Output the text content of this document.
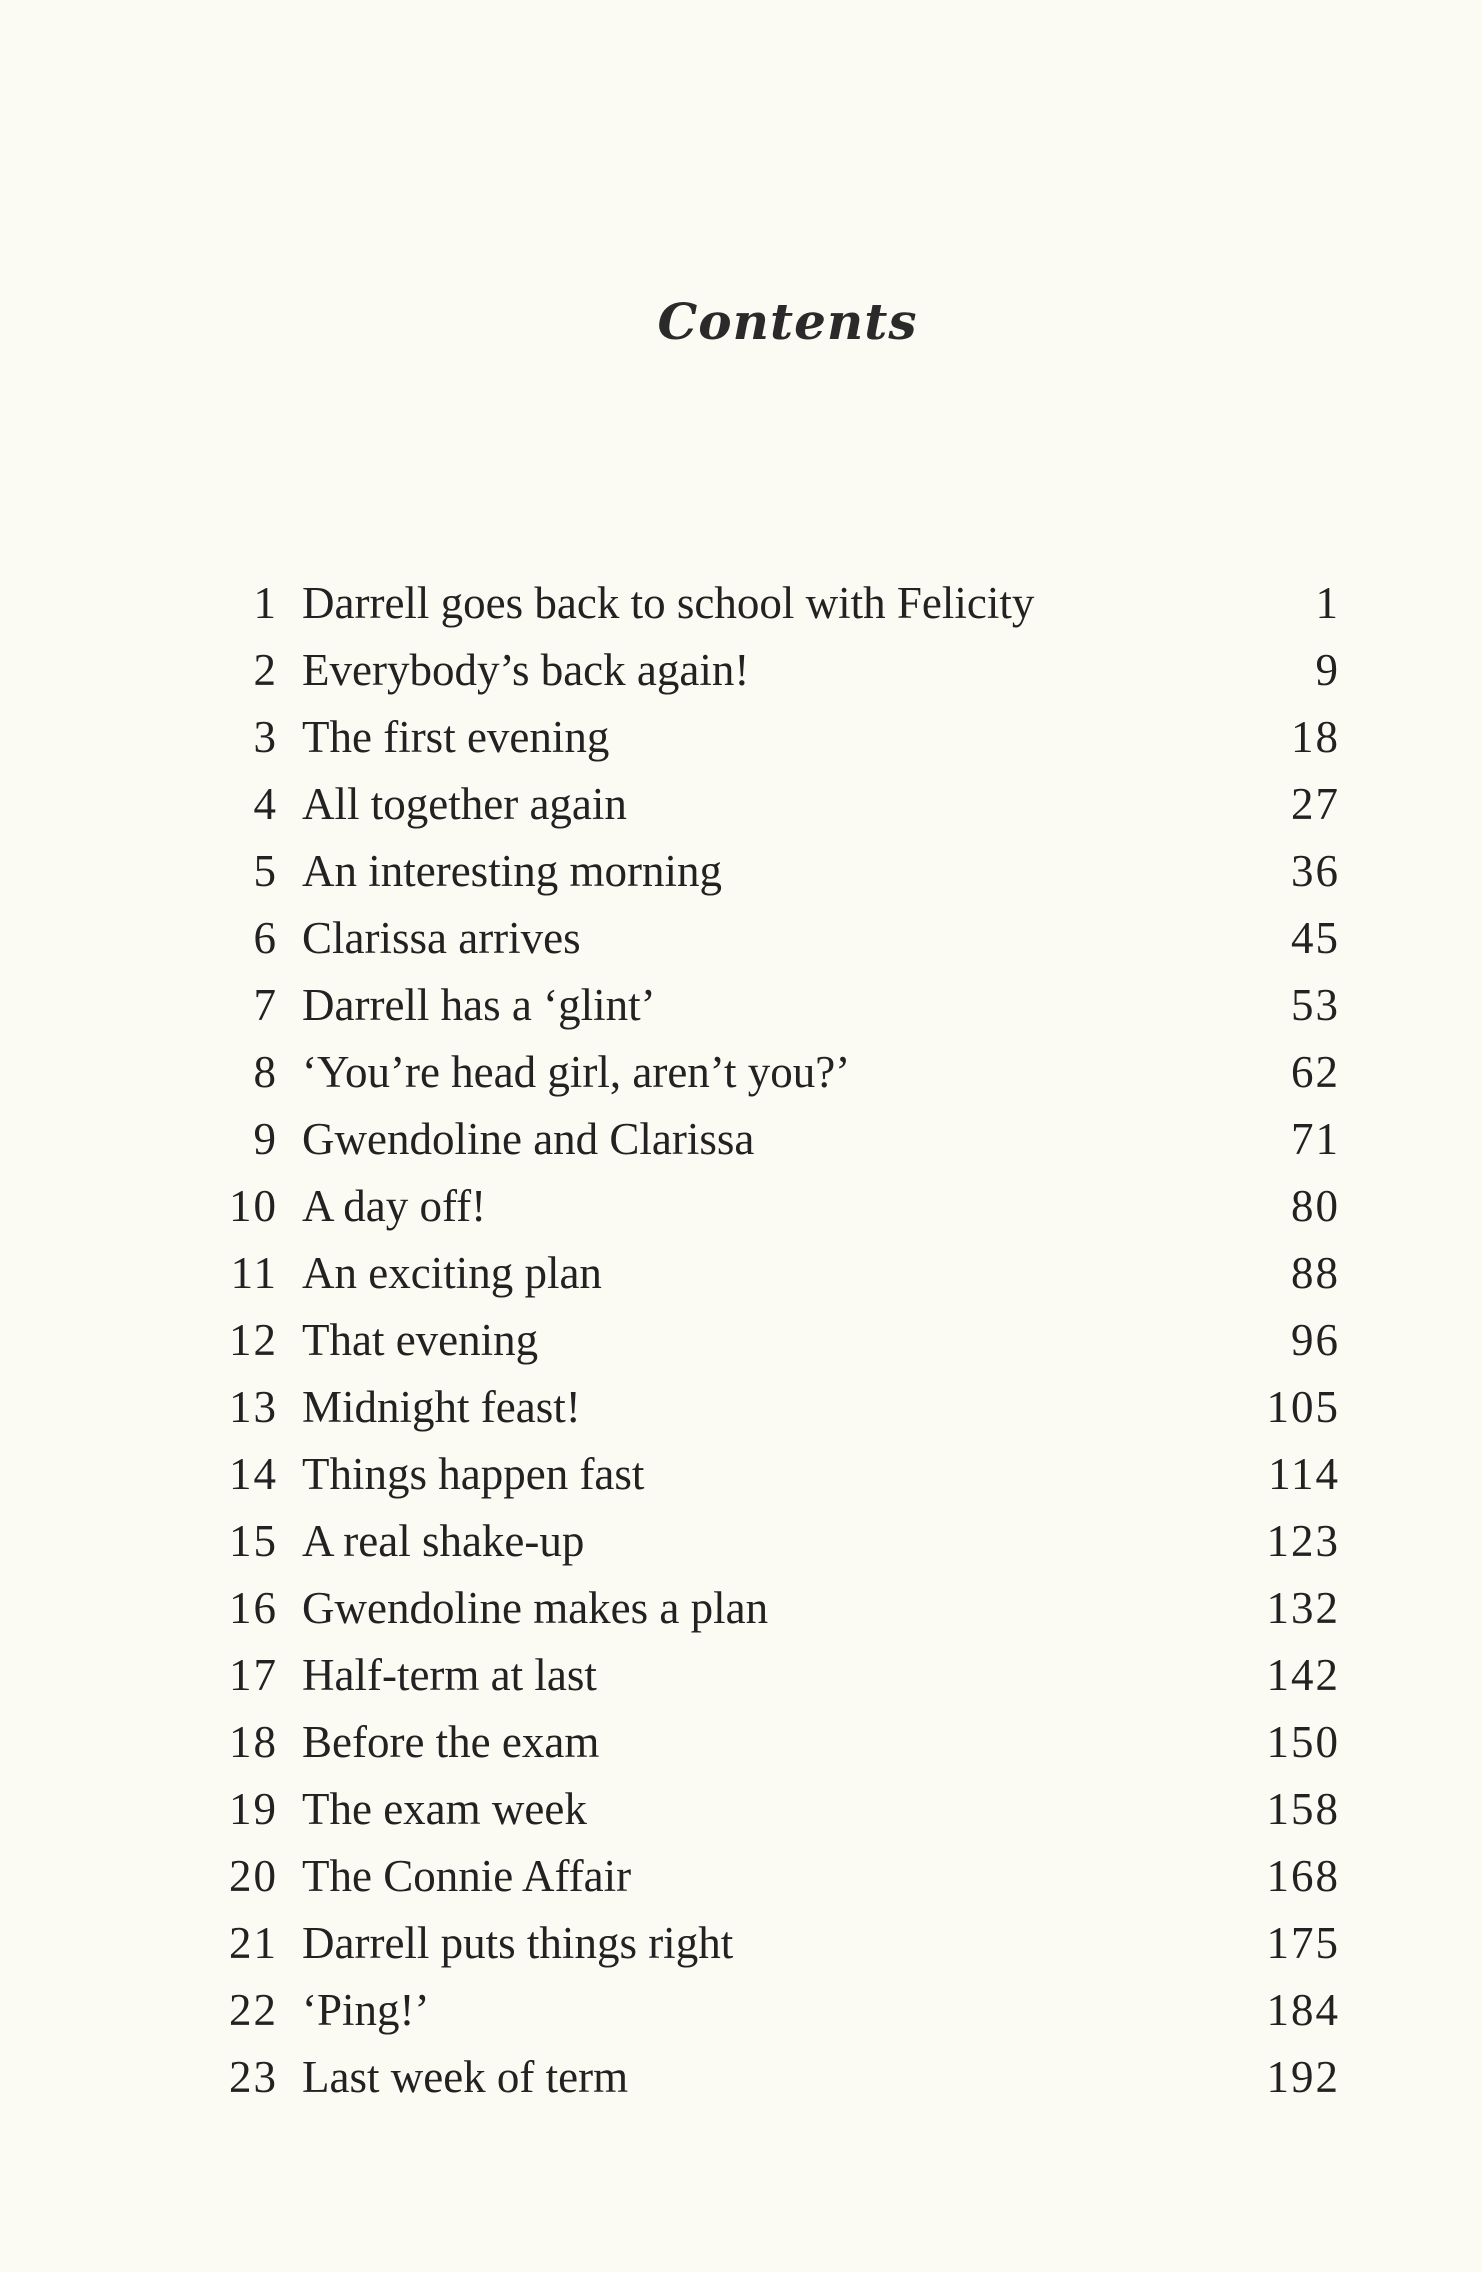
Contents
1 Darrell goes back to school with Felicity	1
2 Everybody’s back again!	9
3 The first evening	18
4 All together again	27
5 An interesting morning	36
6 Clarissa arrives	45
7 Darrell has a ‘glint’	53
8 ‘You’re head girl, aren’t you?’	62
9 Gwendoline and Clarissa	71
10 A day off!	80
11 An exciting plan	88
12 That evening	96
13 Midnight feast!	105
14 Things happen fast	114
15 A real shake-up	123
16 Gwendoline makes a plan	132
17 Half-term at last	142
18 Before the exam	150
19 The exam week	158
20 The Connie Affair	168
21 Darrell puts things right	175
22 ‘Ping!’	184
23 Last week of term	192
